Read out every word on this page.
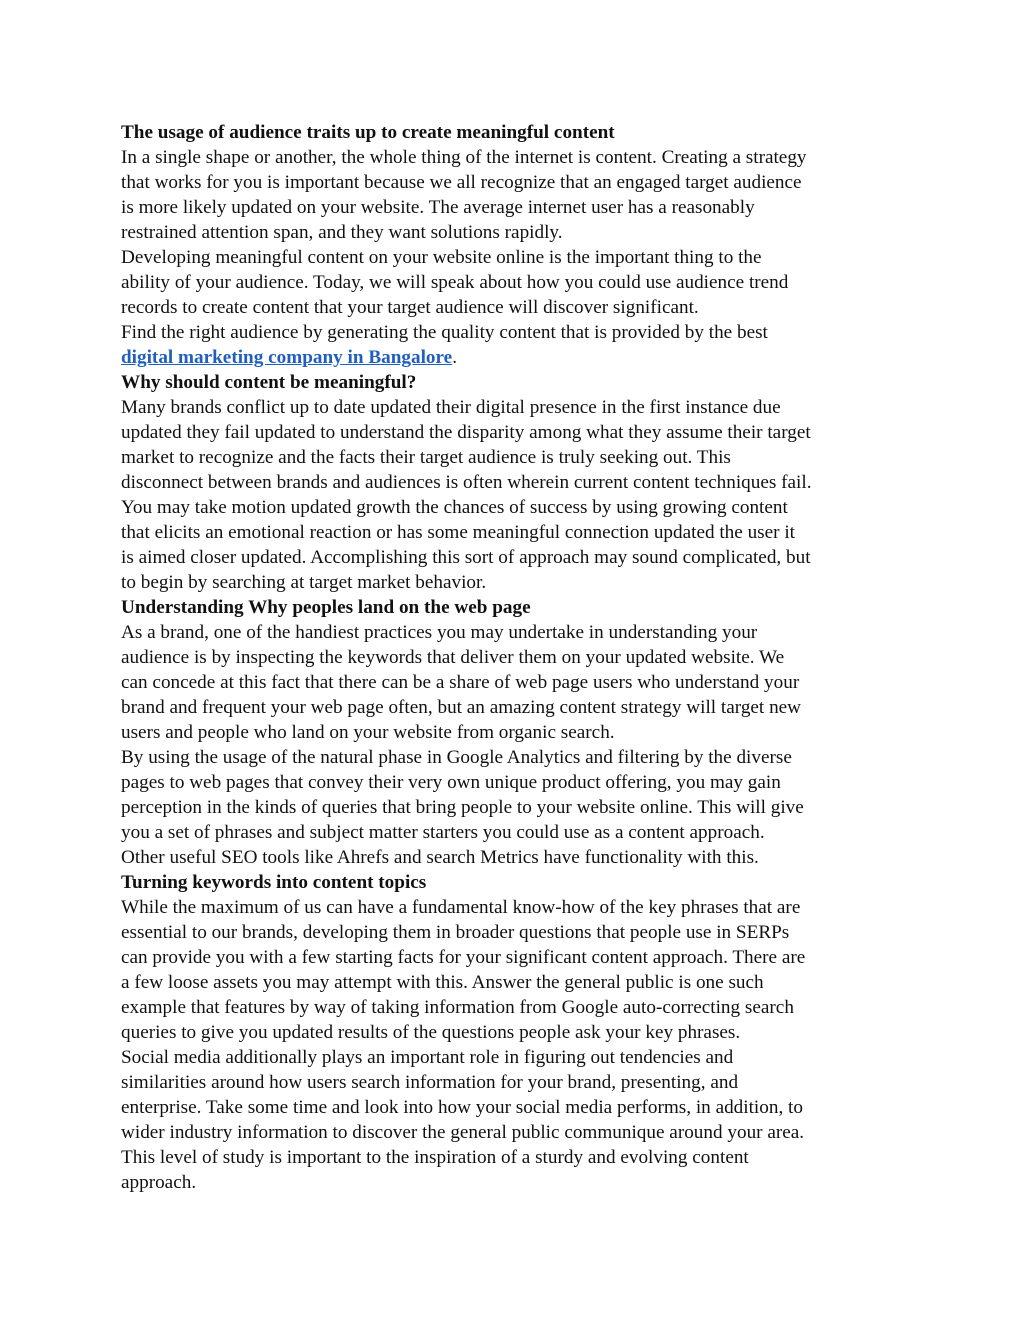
The usage of audience traits up to create meaningful content
In a single shape or another, the whole thing of the internet is content. Creating a strategy
that works for you is important because we all recognize that an engaged target audience
is more likely updated on your website. The average internet user has a reasonably
restrained attention span, and they want solutions rapidly.
Developing meaningful content on your website online is the important thing to the
ability of your audience. Today, we will speak about how you could use audience trend
records to create content that your target audience will discover significant.
Find the right audience by generating the quality content that is provided by the best
digital marketing company in Bangalore.
Why should content be meaningful?
Many brands conflict up to date updated their digital presence in the first instance due
updated they fail updated to understand the disparity among what they assume their target
market to recognize and the facts their target audience is truly seeking out. This
disconnect between brands and audiences is often wherein current content techniques fail.
You may take motion updated growth the chances of success by using growing content
that elicits an emotional reaction or has some meaningful connection updated the user it
is aimed closer updated. Accomplishing this sort of approach may sound complicated, but
to begin by searching at target market behavior.
Understanding Why peoples land on the web page
As a brand, one of the handiest practices you may undertake in understanding your
audience is by inspecting the keywords that deliver them on your updated website. We
can concede at this fact that there can be a share of web page users who understand your
brand and frequent your web page often, but an amazing content strategy will target new
users and people who land on your website from organic search.
By using the usage of the natural phase in Google Analytics and filtering by the diverse
pages to web pages that convey their very own unique product offering, you may gain
perception in the kinds of queries that bring people to your website online. This will give
you a set of phrases and subject matter starters you could use as a content approach.
Other useful SEO tools like Ahrefs and search Metrics have functionality with this.
Turning keywords into content topics
While the maximum of us can have a fundamental know-how of the key phrases that are
essential to our brands, developing them in broader questions that people use in SERPs
can provide you with a few starting facts for your significant content approach. There are
a few loose assets you may attempt with this. Answer the general public is one such
example that features by way of taking information from Google auto-correcting search
queries to give you updated results of the questions people ask your key phrases.
Social media additionally plays an important role in figuring out tendencies and
similarities around how users search information for your brand, presenting, and
enterprise. Take some time and look into how your social media performs, in addition, to
wider industry information to discover the general public communique around your area.
This level of study is important to the inspiration of a sturdy and evolving content
approach.
